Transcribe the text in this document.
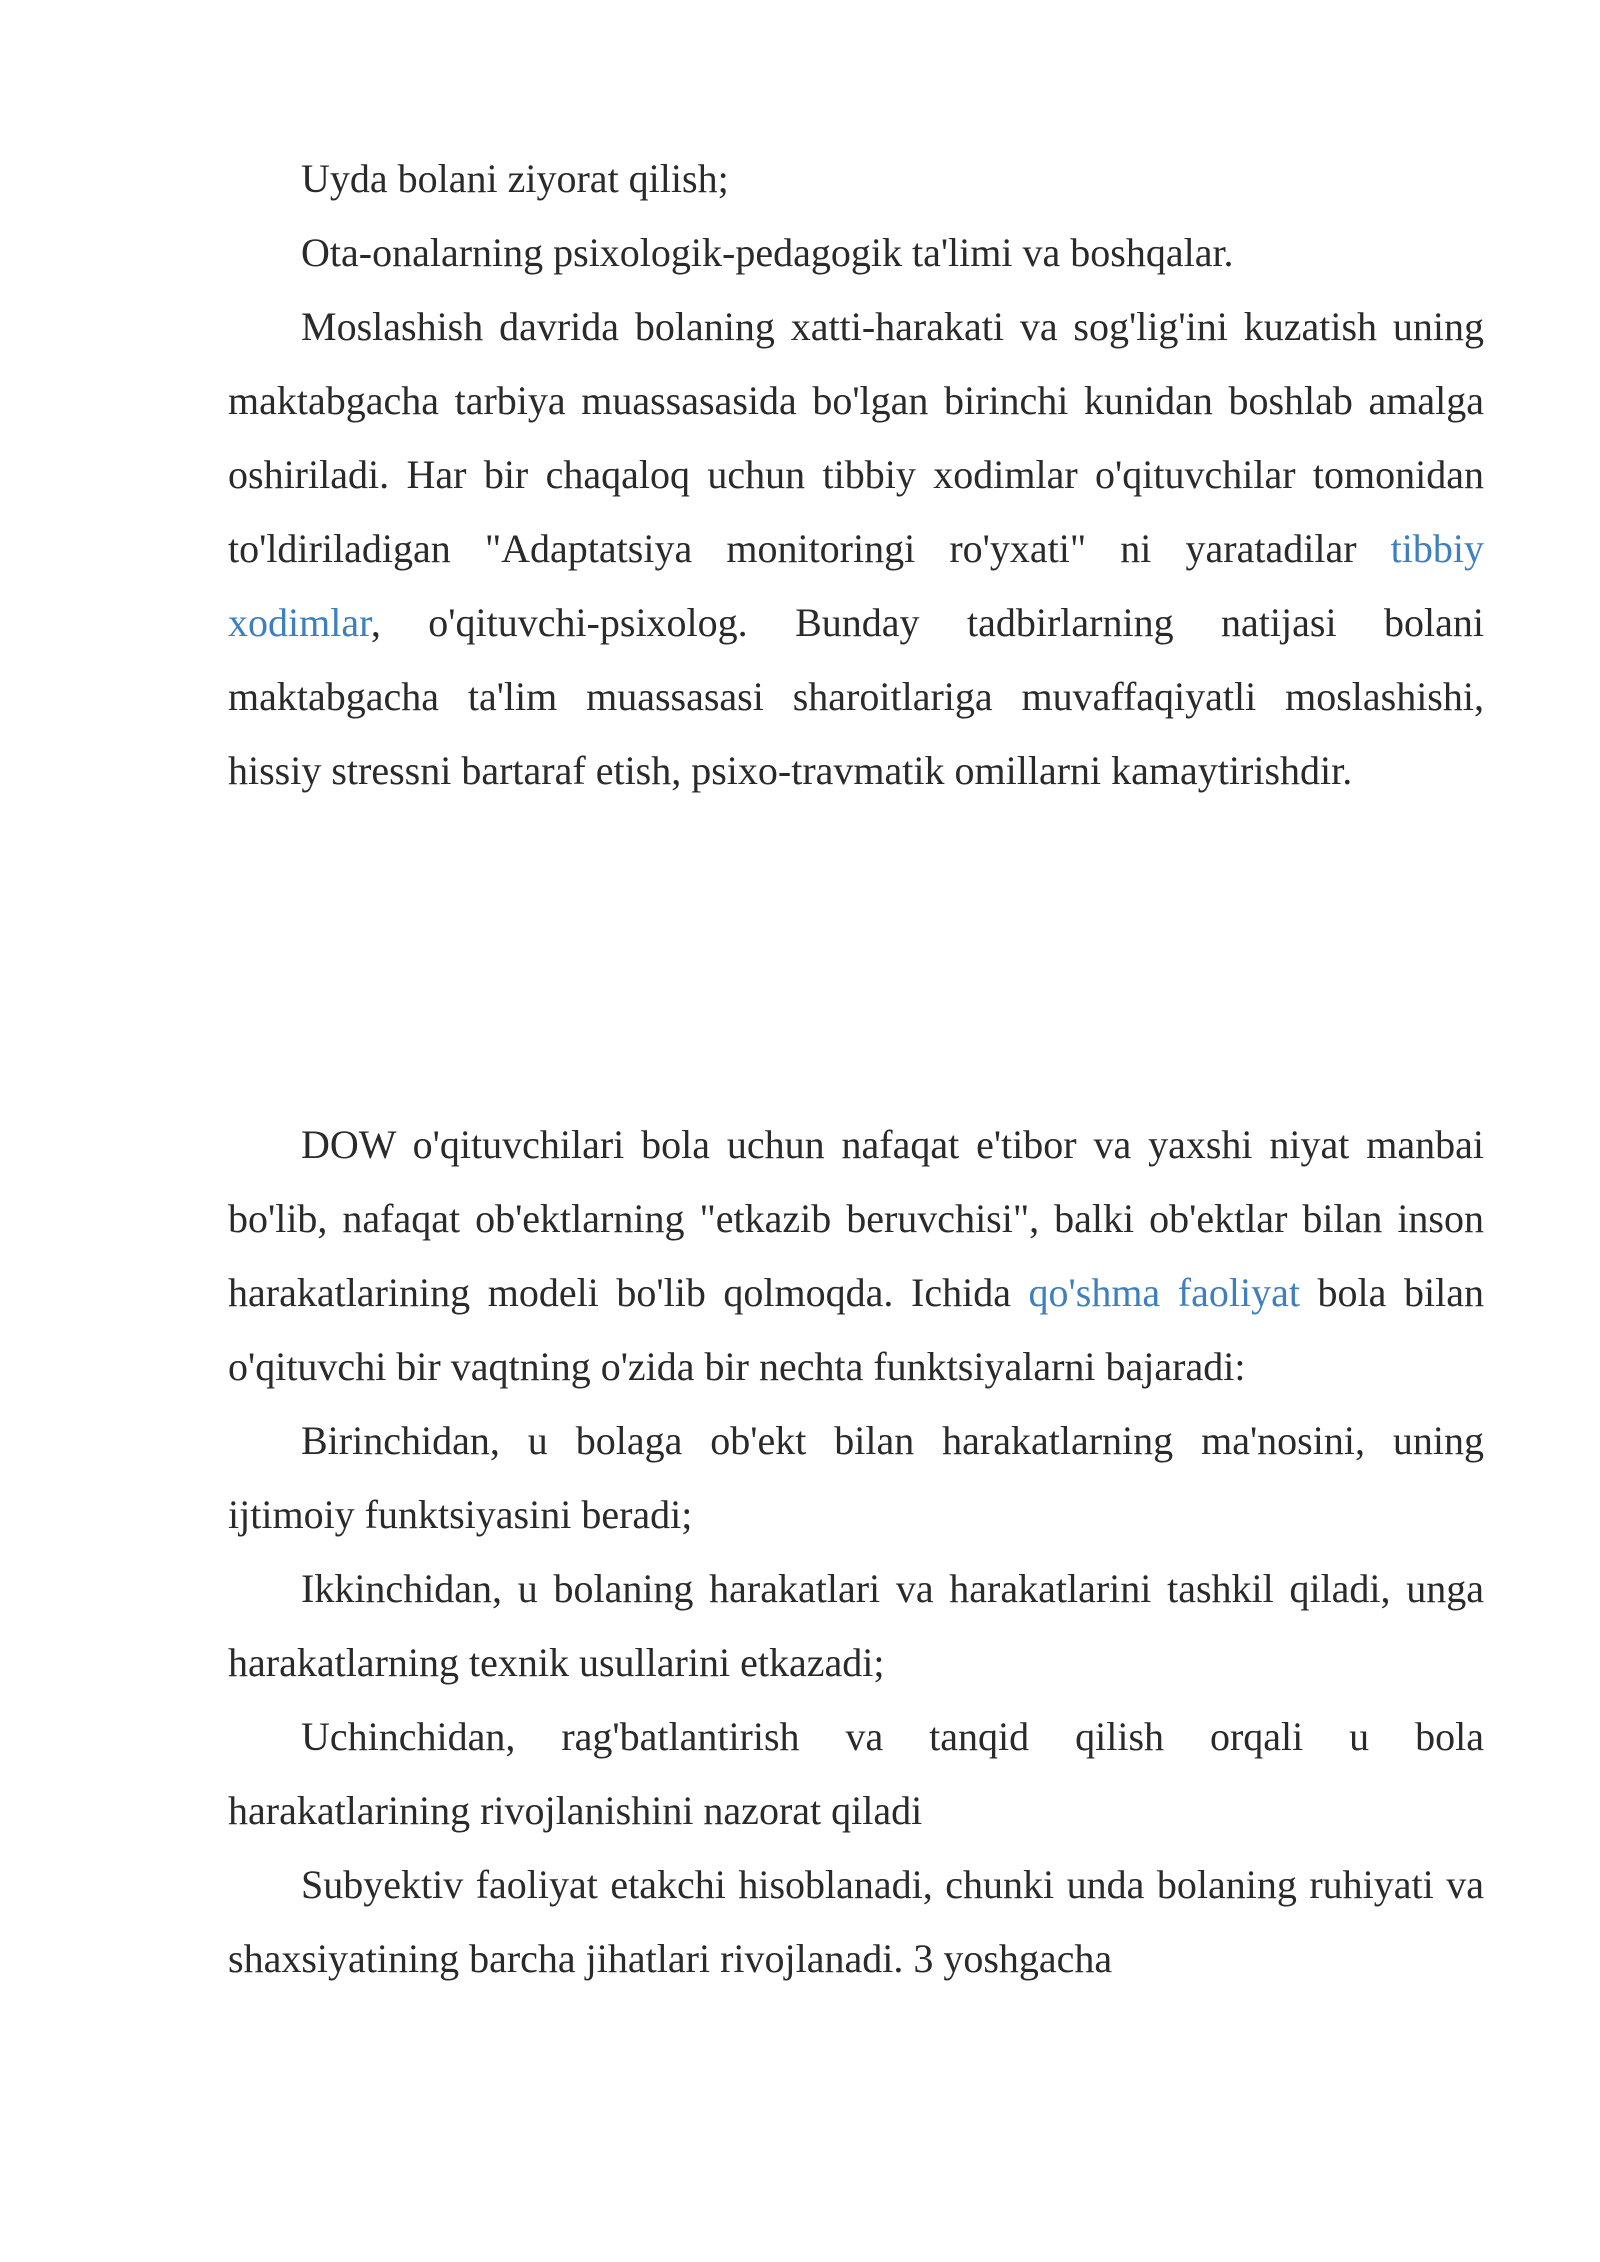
Uyda bolani ziyorat qilish;

Ota-onalarning psixologik-pedagogik ta'limi va boshqalar.

Moslashish davrida bolaning xatti-harakati va sog'lig'ini kuzatish uning maktabgacha tarbiya muassasasida bo'lgan birinchi kunidan boshlab amalga oshiriladi. Har bir chaqaloq uchun tibbiy xodimlar o'qituvchilar tomonidan to'ldiriladigan "Adaptatsiya monitoringi ro'yxati" ni yaratadilar tibbiy xodimlar, o'qituvchi-psixolog. Bunday tadbirlarning natijasi bolani maktabgacha ta'lim muassasasi sharoitlariga muvaffaqiyatli moslashishi, hissiy stressni bartaraf etish, psixo-travmatik omillarni kamaytirishdir.

DOW o'qituvchilari bola uchun nafaqat e'tibor va yaxshi niyat manbai bo'lib, nafaqat ob'ektlarning "etkazib beruvchisi", balki ob'ektlar bilan inson harakatlarining modeli bo'lib qolmoqda. Ichida qo'shma faoliyat bola bilan o'qituvchi bir vaqtning o'zida bir nechta funktsiyalarni bajaradi:

Birinchidan, u bolaga ob'ekt bilan harakatlarning ma'nosini, uning ijtimoiy funktsiyasini beradi;

Ikkinchidan, u bolaning harakatlari va harakatlarini tashkil qiladi, unga harakatlarning texnik usullarini etkazadi;

Uchinchidan, rag'batlantirish va tanqid qilish orqali u bola harakatlarining rivojlanishini nazorat qiladi

Subyektiv faoliyat etakchi hisoblanadi, chunki unda bolaning ruhiyati va shaxsiyatining barcha jihatlari rivojlanadi. 3 yoshgacha
